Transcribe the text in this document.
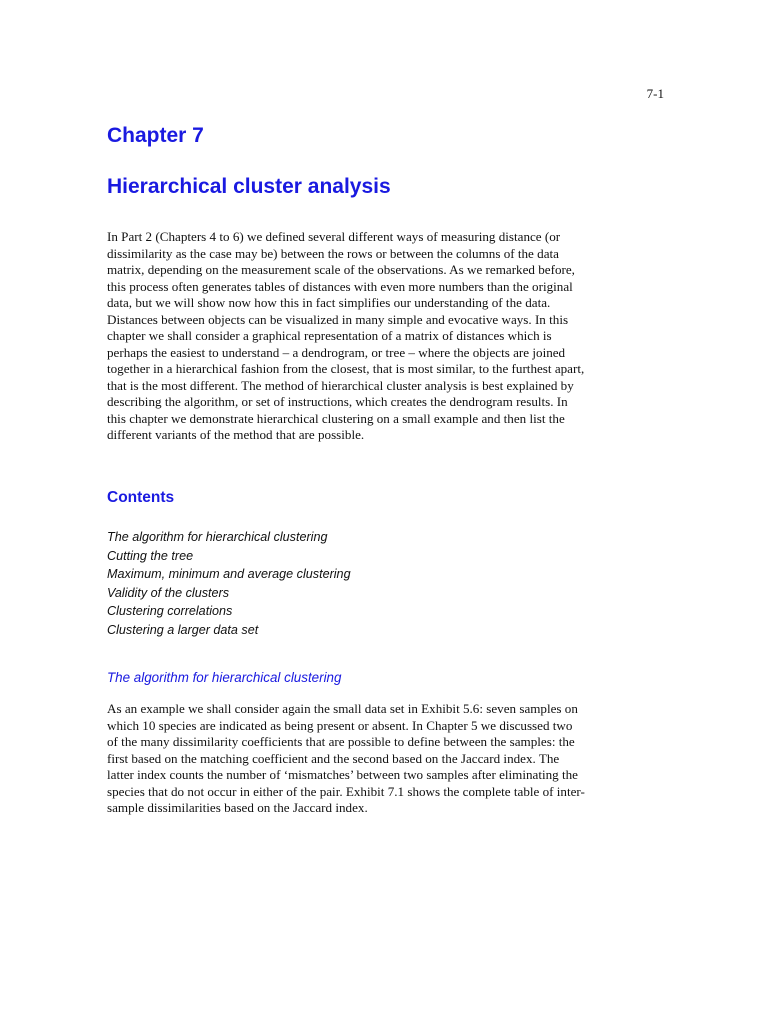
7-1
Chapter 7
Hierarchical cluster analysis

In Part 2 (Chapters 4 to 6) we defined several different ways of measuring distance (or
dissimilarity as the case may be) between the rows or between the columns of the data
matrix, depending on the measurement scale of the observations. As we remarked before,
this process often generates tables of distances with even more numbers than the original
data, but we will show now how this in fact simplifies our understanding of the data.
Distances between objects can be visualized in many simple and evocative ways. In this
chapter we shall consider a graphical representation of a matrix of distances which is
perhaps the easiest to understand – a dendrogram, or tree – where the objects are joined
together in a hierarchical fashion from the closest, that is most similar, to the furthest apart,
that is the most different. The method of hierarchical cluster analysis is best explained by
describing the algorithm, or set of instructions, which creates the dendrogram results. In
this chapter we demonstrate hierarchical clustering on a small example and then list the
different variants of the method that are possible.

Contents
The algorithm for hierarchical clustering
Cutting the tree
Maximum, minimum and average clustering
Validity of the clusters
Clustering correlations
Clustering a larger data set
The algorithm for hierarchical clustering

As an example we shall consider again the small data set in Exhibit 5.6: seven samples on
which 10 species are indicated as being present or absent. In Chapter 5 we discussed two
of the many dissimilarity coefficients that are possible to define between the samples: the
first based on the matching coefficient and the second based on the Jaccard index. The
latter index counts the number of ‘mismatches’ between two samples after eliminating the
species that do not occur in either of the pair. Exhibit 7.1 shows the complete table of inter-
sample dissimilarities based on the Jaccard index.
